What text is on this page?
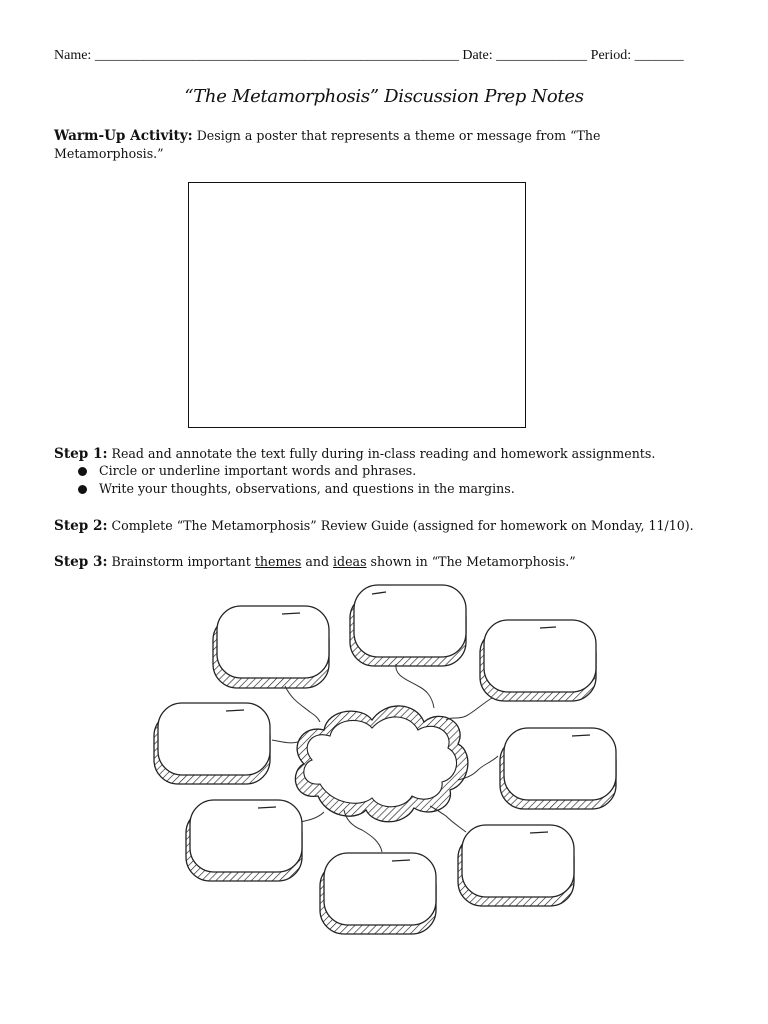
Name: ____________________________________________________ Date: _____________ Period: _______
“The Metamorphosis” Discussion Prep Notes
Warm-Up Activity: Design a poster that represents a theme or message from “The Metamorphosis.”
Step 1: Read and annotate the text fully during in-class reading and homework assignments.
Circle or underline important words and phrases.
Write your thoughts, observations, and questions in the margins.
Step 2: Complete “The Metamorphosis” Review Guide (assigned for homework on Monday, 11/10).
Step 3: Brainstorm important themes and ideas shown in “The Metamorphosis.”
